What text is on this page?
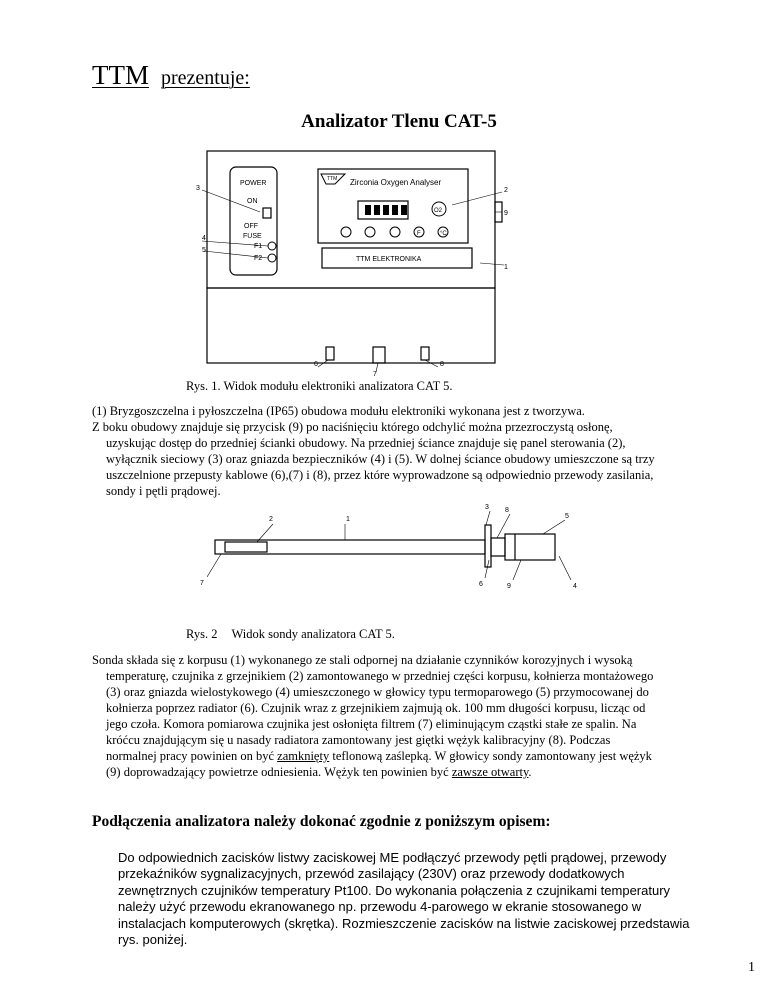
TTM prezentuje:
Analizator Tlenu CAT-5
POWER
ON
OFF
FUSE
F1
F2
TTM Zirconia Oxygen Analyser
O2
F	°C
TTM ELEKTRONIKA
3	2
9
1
4
5
6
7
8
Rys. 1. Widok modułu elektroniki analizatora CAT 5.

(1) Bryzgoszczelna i pyłoszczelna (IP65) obudowa modułu elektroniki wykonana jest z tworzywa.

Z boku obudowy znajduje się przycisk (9) po naciśnięciu którego odchylić można przezroczystą osłonę,

uzyskując dostęp do przedniej ścianki obudowy. Na przedniej ściance znajduje się panel sterowania (2),

wyłącznik sieciowy (3) oraz gniazda bezpieczników (4) i (5). W dolnej ściance obudowy umieszczone są trzy

uszczelnione przepusty kablowe (6),(7) i (8), przez które wyprowadzone są odpowiednio przewody zasilania,

sondy i pętli prądowej.

2	1
3 8
5
7	6	9	4
Rys. 2 Widok sondy analizatora CAT 5.

Sonda składa się z korpusu (1) wykonanego ze stali odpornej na działanie czynników korozyjnych i wysoką

temperaturę, czujnika z grzejnikiem (2) zamontowanego w przedniej części korpusu, kołnierza montażowego

(3) oraz gniazda wielostykowego (4) umieszczonego w głowicy typu termoparowego (5) przymocowanej do

kołnierza poprzez radiator (6). Czujnik wraz z grzejnikiem zajmują ok. 100 mm długości korpusu, licząc od

jego czoła. Komora pomiarowa czujnika jest osłonięta filtrem (7) eliminującym cząstki stałe ze spalin. Na

króćcu znajdującym się u nasady radiatora zamontowany jest giętki wężyk kalibracyjny (8). Podczas

normalnej pracy powinien on być zamknięty teflonową zaślepką. W głowicy sondy zamontowany jest wężyk

(9) doprowadzający powietrze odniesienia. Wężyk ten powinien być zawsze otwarty.

Podłączenia analizatora należy dokonać zgodnie z poniższym opisem:
Do odpowiednich zacisków listwy zaciskowej ME podłączyć przewody pętli prądowej, przewody przekaźników sygnalizacyjnych, przewód zasilający (230V) oraz przewody dodatkowych zewnętrznych czujników temperatury Pt100. Do wykonania połączenia z czujnikami temperatury należy użyć przewodu ekranowanego np. przewodu 4-parowego w ekranie stosowanego w instalacjach komputerowych (skrętka). Rozmieszczenie zacisków na listwie zaciskowej przedstawia rys. poniżej.
1
